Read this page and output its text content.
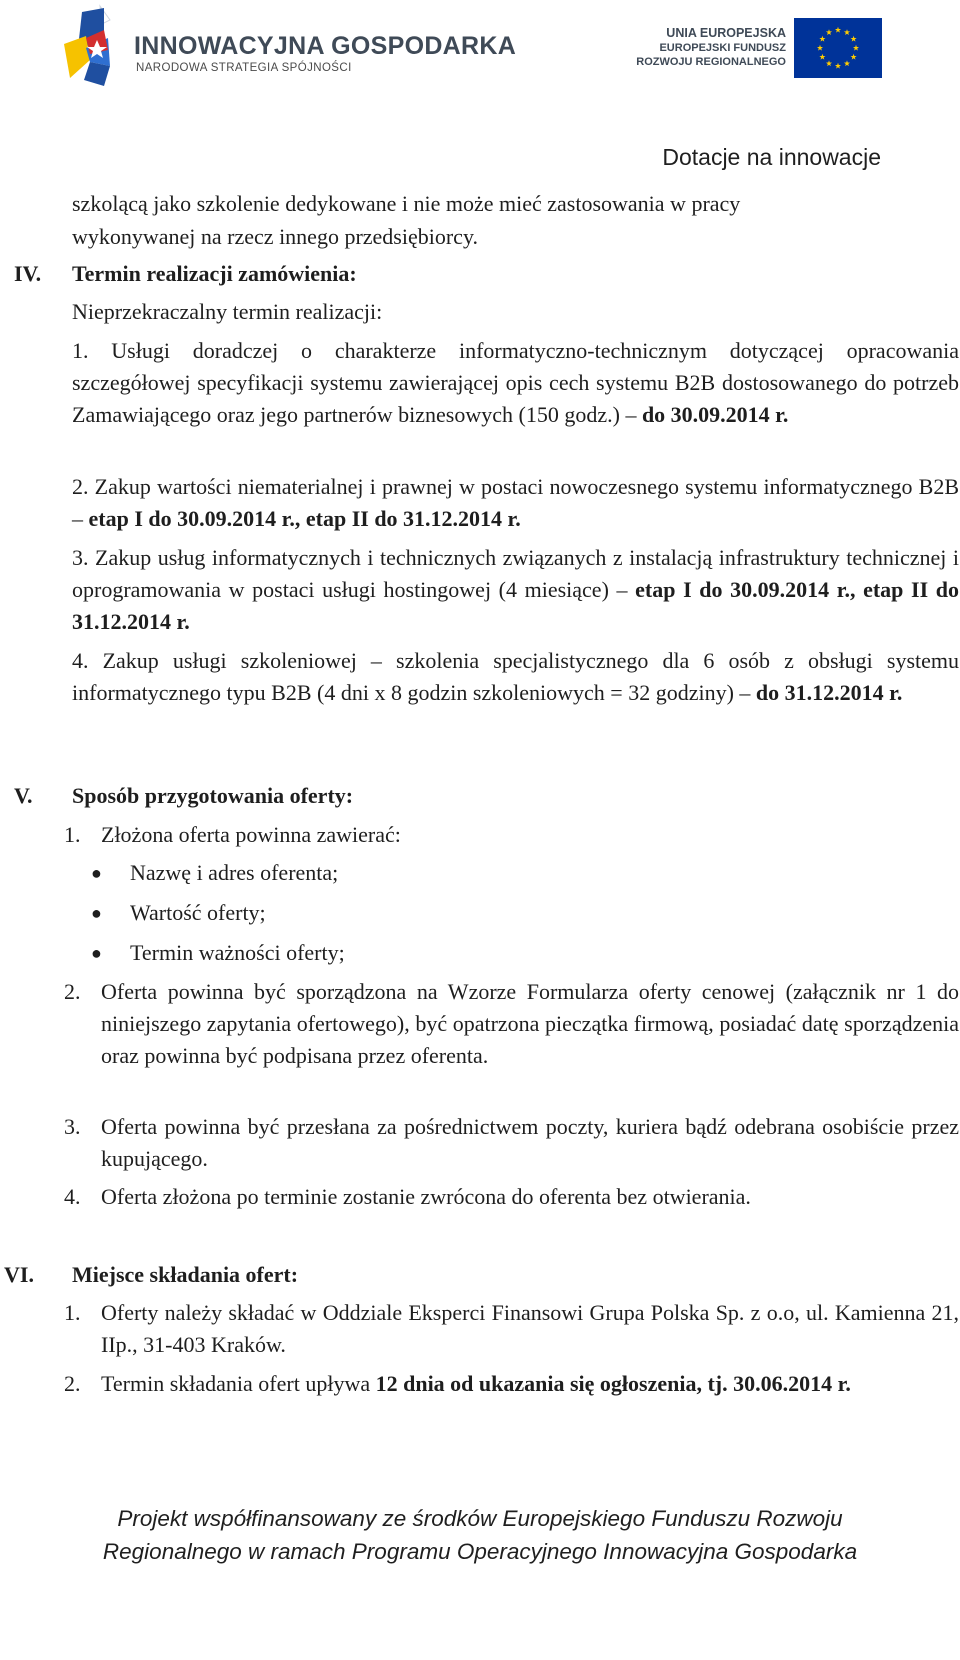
INNOWACYJNA GOSPODARKA
NARODOWA STRATEGIA SPÓJNOŚCI
UNIA EUROPEJSKA
EUROPEJSKI FUNDUSZ
ROZWOJU REGIONALNEGO
Dotacje na innowacje
szkolącą jako szkolenie dedykowane i nie może mieć zastosowania w pracy
wykonywanej na rzecz innego przedsiębiorcy.
IV. Termin realizacji zamówienia:
Nieprzekraczalny termin realizacji:
1. Usługi doradczej o charakterze informatyczno-technicznym dotyczącej opracowania szczegółowej specyfikacji systemu zawierającej opis cech systemu B2B dostosowanego do potrzeb Zamawiającego oraz jego partnerów biznesowych (150 godz.) – do 30.09.2014 r.
2. Zakup wartości niematerialnej i prawnej w postaci nowoczesnego systemu informatycznego B2B – etap I do 30.09.2014 r., etap II do 31.12.2014 r.
3. Zakup usług informatycznych i technicznych związanych z instalacją infrastruktury technicznej i oprogramowania w postaci usługi hostingowej (4 miesiące) – etap I do 30.09.2014 r., etap II do 31.12.2014 r.
4. Zakup usługi szkoleniowej – szkolenia specjalistycznego dla 6 osób z obsługi systemu informatycznego typu B2B (4 dni x 8 godzin szkoleniowych = 32 godziny) – do 31.12.2014 r.
V. Sposób przygotowania oferty:
1. Złożona oferta powinna zawierać:
● Nazwę i adres oferenta;
● Wartość oferty;
● Termin ważności oferty;
2. Oferta powinna być sporządzona na Wzorze Formularza oferty cenowej (załącznik nr 1 do niniejszego zapytania ofertowego), być opatrzona pieczątka firmową, posiadać datę sporządzenia oraz powinna być podpisana przez oferenta.
3. Oferta powinna być przesłana za pośrednictwem poczty, kuriera bądź odebrana osobiście przez kupującego.
4. Oferta złożona po terminie zostanie zwrócona do oferenta bez otwierania.
VI. Miejsce składania ofert:
1. Oferty należy składać w Oddziale Eksperci Finansowi Grupa Polska Sp. z o.o, ul. Kamienna 21, IIp., 31-403 Kraków.
2. Termin składania ofert upływa 12 dnia od ukazania się ogłoszenia, tj. 30.06.2014 r.
Projekt współfinansowany ze środków Europejskiego Funduszu Rozwoju
Regionalnego w ramach Programu Operacyjnego Innowacyjna Gospodarka
